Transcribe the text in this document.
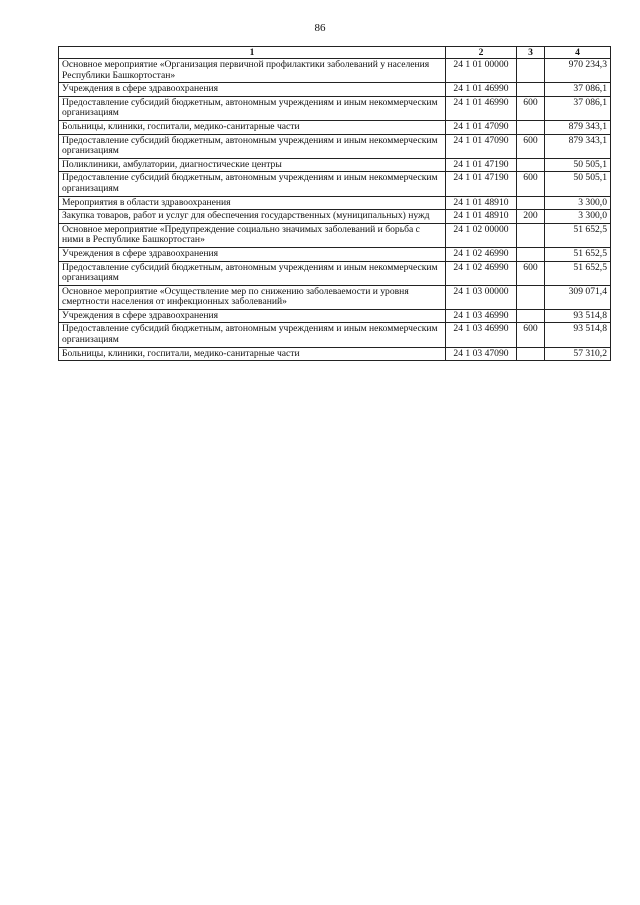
86
1	2	3	4
Основное мероприятие «Организация первичной профилактики заболеваний у населения Республики Башкортостан»	24 1 01 00000		970 234,3
Учреждения в сфере здравоохранения	24 1 01 46990		37 086,1
Предоставление субсидий бюджетным, автономным учреждениям и иным некоммерческим организациям	24 1 01 46990	600	37 086,1
Больницы, клиники, госпитали, медико-санитарные части	24 1 01 47090		879 343,1
Предоставление субсидий бюджетным, автономным учреждениям и иным некоммерческим организациям	24 1 01 47090	600	879 343,1
Поликлиники, амбулатории, диагностические центры	24 1 01 47190		50 505,1
Предоставление субсидий бюджетным, автономным учреждениям и иным некоммерческим организациям	24 1 01 47190	600	50 505,1
Мероприятия в области здравоохранения	24 1 01 48910		3 300,0
Закупка товаров, работ и услуг для обеспечения государственных (муниципальных) нужд	24 1 01 48910	200	3 300,0
Основное мероприятие «Предупреждение социально значимых заболеваний и борьба с ними в Республике Башкортостан»	24 1 02 00000		51 652,5
Учреждения в сфере здравоохранения	24 1 02 46990		51 652,5
Предоставление субсидий бюджетным, автономным учреждениям и иным некоммерческим организациям	24 1 02 46990	600	51 652,5
Основное мероприятие «Осуществление мер по снижению заболеваемости и уровня смертности населения от инфекционных заболеваний»	24 1 03 00000		309 071,4
Учреждения в сфере здравоохранения	24 1 03 46990		93 514,8
Предоставление субсидий бюджетным, автономным учреждениям и иным некоммерческим организациям	24 1 03 46990	600	93 514,8
Больницы, клиники, госпитали, медико-санитарные части	24 1 03 47090		57 310,2
